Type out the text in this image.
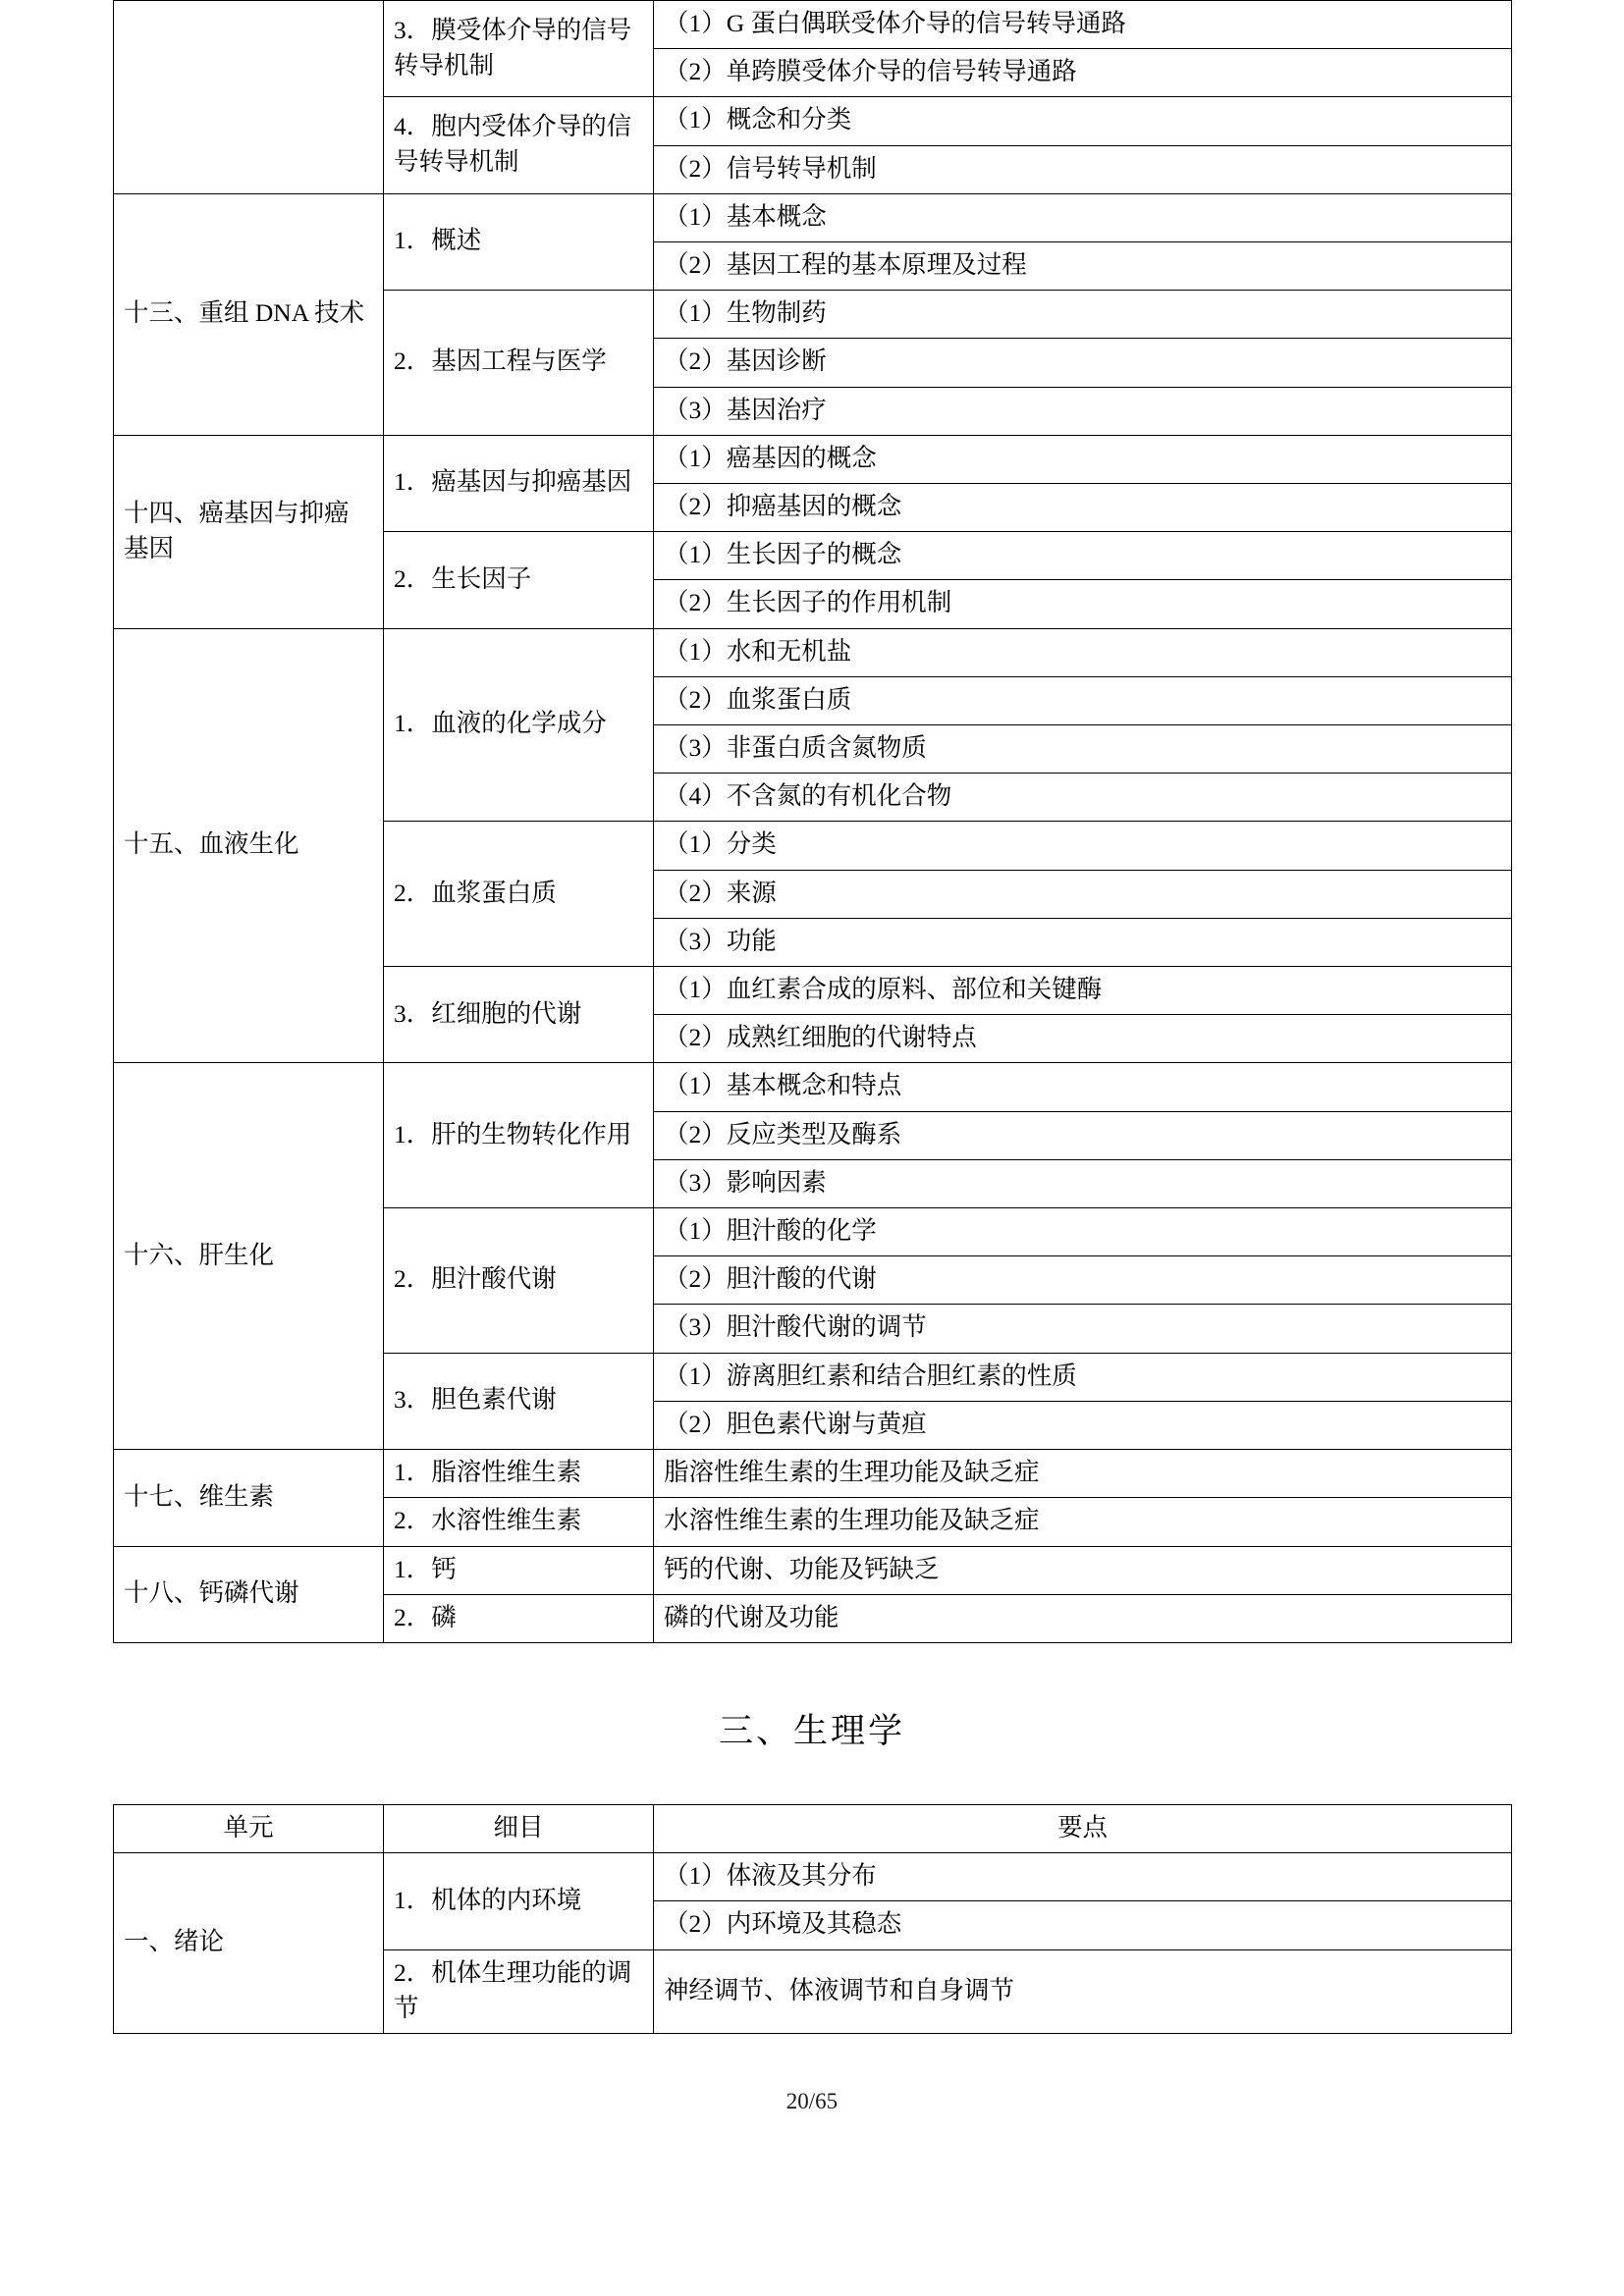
	3．膜受体介导的信号转导机制	（1）G 蛋白偶联受体介导的信号转导通路
		（2）单跨膜受体介导的信号转导通路
	4．胞内受体介导的信号转导机制	（1）概念和分类
		（2）信号转导机制
十三、重组 DNA 技术	1．概述	（1）基本概念
		（2）基因工程的基本原理及过程
	2．基因工程与医学	（1）生物制药
		（2）基因诊断
		（3）基因治疗
十四、癌基因与抑癌基因	1．癌基因与抑癌基因	（1）癌基因的概念
		（2）抑癌基因的概念
	2．生长因子	（1）生长因子的概念
		（2）生长因子的作用机制
十五、血液生化	1．血液的化学成分	（1）水和无机盐
		（2）血浆蛋白质
		（3）非蛋白质含氮物质
		（4）不含氮的有机化合物
	2．血浆蛋白质	（1）分类
		（2）来源
		（3）功能
	3．红细胞的代谢	（1）血红素合成的原料、部位和关键酶
		（2）成熟红细胞的代谢特点
十六、肝生化	1．肝的生物转化作用	（1）基本概念和特点
		（2）反应类型及酶系
		（3）影响因素
	2．胆汁酸代谢	（1）胆汁酸的化学
		（2）胆汁酸的代谢
		（3）胆汁酸代谢的调节
	3．胆色素代谢	（1）游离胆红素和结合胆红素的性质
		（2）胆色素代谢与黄疸
十七、维生素	1．脂溶性维生素	脂溶性维生素的生理功能及缺乏症
	2．水溶性维生素	水溶性维生素的生理功能及缺乏症
十八、钙磷代谢	1．钙	钙的代谢、功能及钙缺乏
	2．磷	磷的代谢及功能
三、生理学
单元	细目	要点
一、绪论	1．机体的内环境	（1）体液及其分布
		（2）内环境及其稳态
	2．机体生理功能的调节	神经调节、体液调节和自身调节
20/65
